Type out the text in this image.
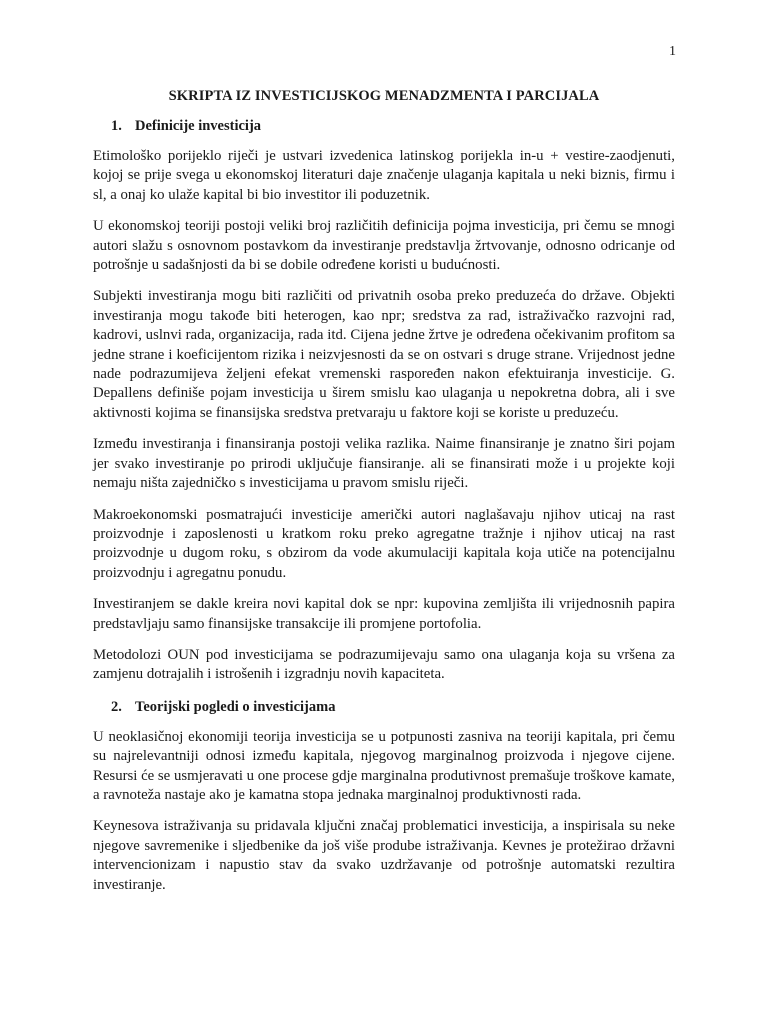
1
SKRIPTA IZ INVESTICIJSKOG MENADZMENTA I PARCIJALA
1. Definicije investicija

Etimološko porijeklo riječi je ustvari izvedenica latinskog porijekla in-u + vestire-zaodjenuti, kojoj se prije svega u ekonomskoj literaturi daje značenje ulaganja kapitala u neki biznis, firmu i sl, a onaj ko ulaže kapital bi bio investitor ili poduzetnik.

U ekonomskoj teoriji postoji veliki broj različitih definicija pojma investicija, pri čemu se mnogi autori slažu s osnovnom postavkom da investiranje predstavlja žrtvovanje, odnosno odricanje od potrošnje u sadašnjosti da bi se dobile određene koristi u budućnosti.

Subjekti investiranja mogu biti različiti od privatnih osoba preko preduzeća do države. Objekti investiranja mogu takođe biti heterogen, kao npr; sredstva za rad, istraživačko razvojni rad, kadrovi, uslnvi rada, organizacija, rada itd. Cijena jedne žrtve je određena očekivanim profitom sa jedne strane i koeficijentom rizika i neizvjesnosti da se on ostvari s druge strane. Vrijednost jedne nade podrazumijeva željeni efekat vremenski raspoređen nakon efektuiranja investicije. G. Depallens definiše pojam investicija u širem smislu kao ulaganja u nepokretna dobra, ali i sve aktivnosti kojima se finansijska sredstva pretvaraju u faktore koji se koriste u preduzeću.

Između investiranja i finansiranja postoji velika razlika. Naime finansiranje je znatno širi pojam jer svako investiranje po prirodi uključuje fiansiranje. ali se finansirati može i u projekte koji nemaju ništa zajedničko s investicijama u pravom smislu riječi.

Makroekonomski posmatrajući investicije američki autori naglašavaju njihov uticaj na rast proizvodnje i zaposlenosti u kratkom roku preko agregatne tražnje i njihov uticaj na rast proizvodnje u dugom roku, s obzirom da vode akumulaciji kapitala koja utiče na potencijalnu proizvodnju i agregatnu ponudu.

Investiranjem se dakle kreira novi kapital dok se npr: kupovina zemljišta ili vrijednosnih papira predstavljaju samo finansijske transakcije ili promjene portofolia.

Metodolozi OUN pod investicijama se podrazumijevaju samo ona ulaganja koja su vršena za zamjenu dotrajalih i istrošenih i izgradnju novih kapaciteta.

2. Teorijski pogledi o investicijama

U neoklasičnoj ekonomiji teorija investicija se u potpunosti zasniva na teoriji kapitala, pri čemu su najrelevantniji odnosi između kapitala, njegovog marginalnog proizvoda i njegove cijene. Resursi će se usmjeravati u one procese gdje marginalna produtivnost premašuje troškove kamate, a ravnoteža nastaje ako je kamatna stopa jednaka marginalnoj produktivnosti rada.

Keynesova istraživanja su pridavala ključni značaj problematici investicija, a inspirisala su neke njegove savremenike i sljedbenike da još više prodube istraživanja. Kevnes je protežirao državni intervencionizam i napustio stav da svako uzdržavanje od potrošnje automatski rezultira investiranje.
